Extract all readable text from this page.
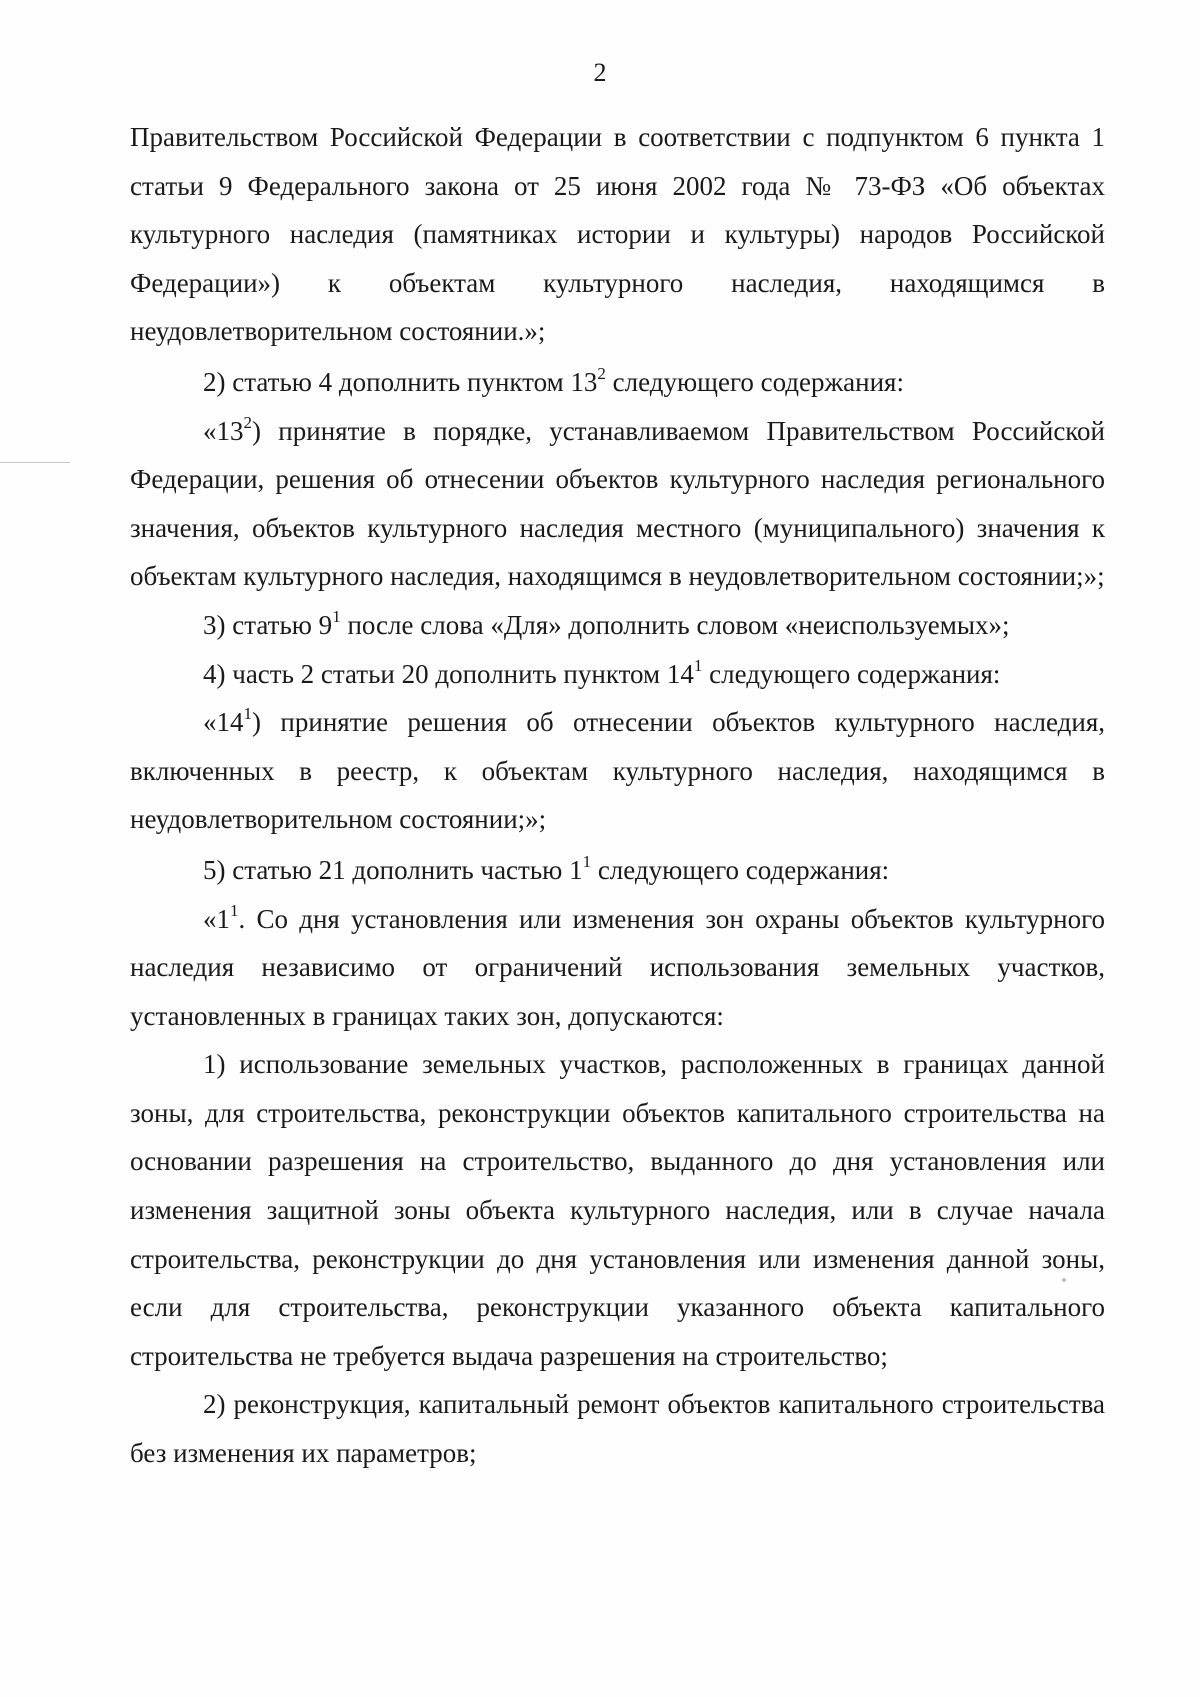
2

Правительством Российской Федерации в соответствии с подпунктом 6 пункта 1 статьи 9 Федерального закона от 25 июня 2002 года № 73-ФЗ «Об объектах культурного наследия (памятниках истории и культуры) народов Российской Федерации») к объектам культурного наследия, находящимся в неудовлетворительном состоянии.»;

2) статью 4 дополнить пунктом $13^2$ следующего содержания:

«$13^2$) принятие в порядке, устанавливаемом Правительством Российской Федерации, решения об отнесении объектов культурного наследия регионального значения, объектов культурного наследия местного (муниципального) значения к объектам культурного наследия, находящимся в неудовлетворительном состоянии;»;

3) статью $9^1$ после слова «Для» дополнить словом «неиспользуемых»;

4) часть 2 статьи 20 дополнить пунктом $14^1$ следующего содержания:

«$14^1$) принятие решения об отнесении объектов культурного наследия, включенных в реестр, к объектам культурного наследия, находящимся в неудовлетворительном состоянии;»;

5) статью 21 дополнить частью $1^1$ следующего содержания:

«$1^1$. Со дня установления или изменения зон охраны объектов культурного наследия независимо от ограничений использования земельных участков, установленных в границах таких зон, допускаются:

1) использование земельных участков, расположенных в границах данной зоны, для строительства, реконструкции объектов капитального строительства на основании разрешения на строительство, выданного до дня установления или изменения защитной зоны объекта культурного наследия, или в случае начала строительства, реконструкции до дня установления или изменения данной зоны, если для строительства, реконструкции указанного объекта капитального строительства не требуется выдача разрешения на строительство;

2) реконструкция, капитальный ремонт объектов капитального строительства без изменения их параметров;
